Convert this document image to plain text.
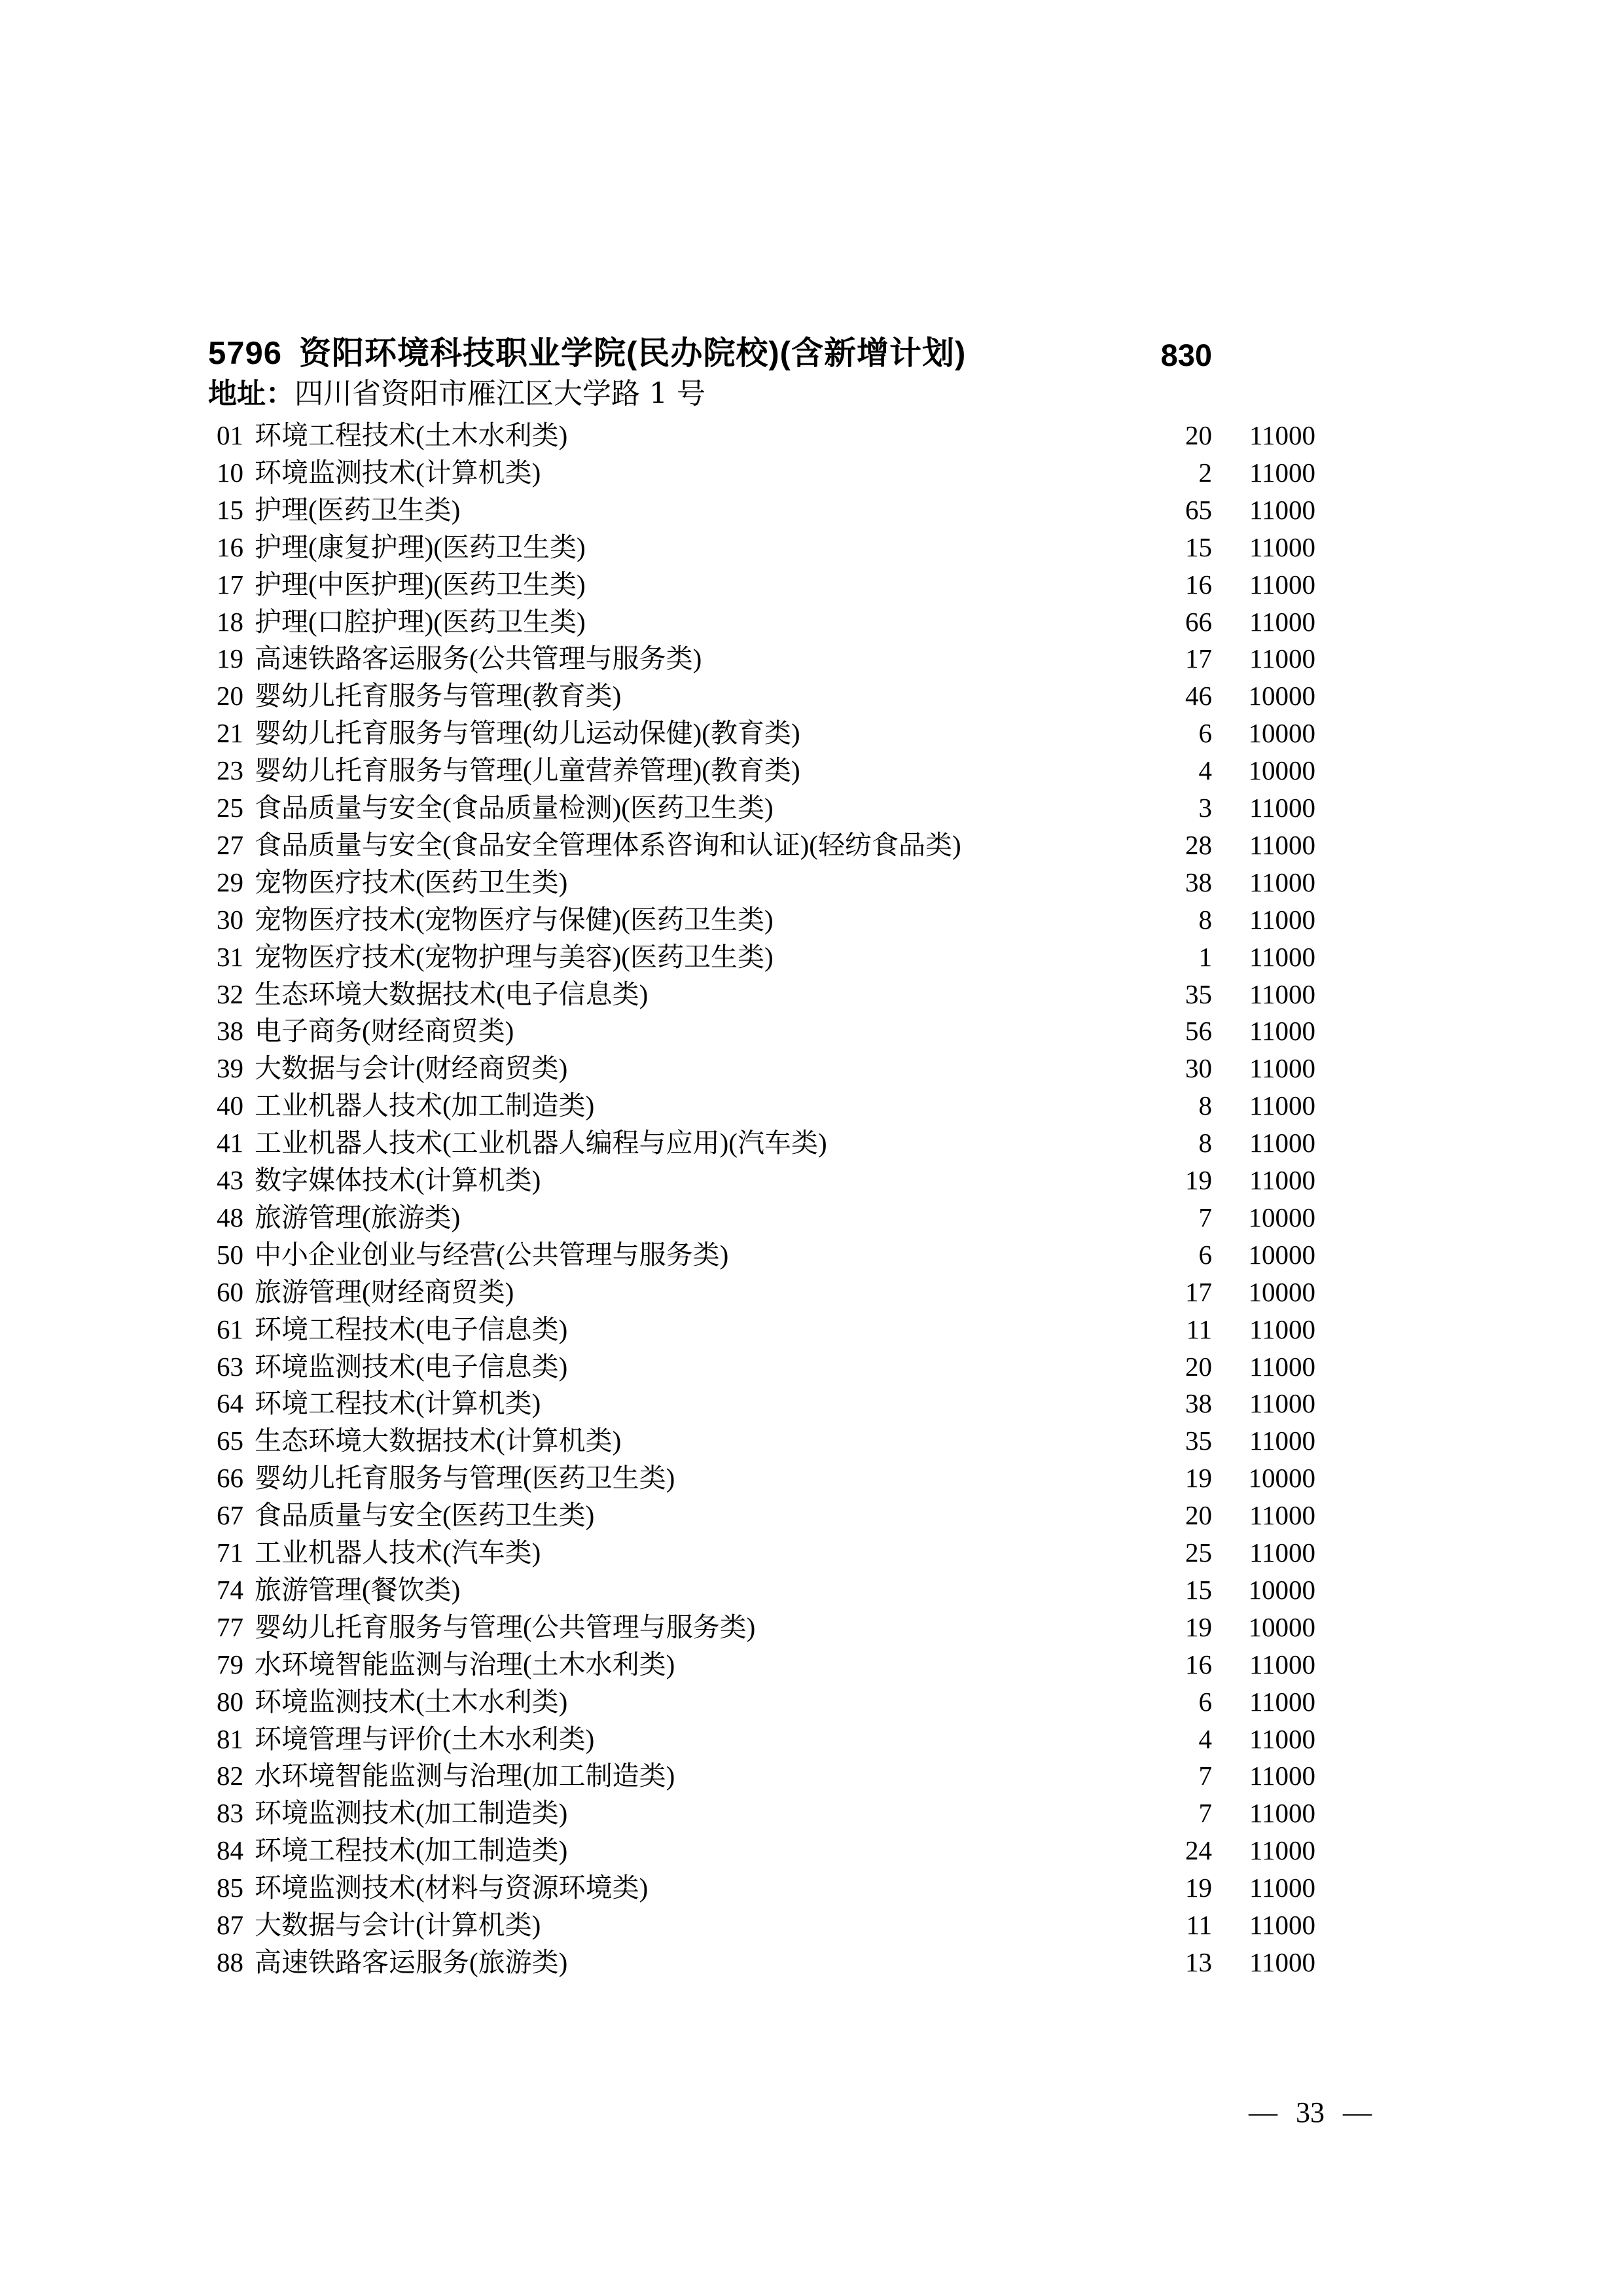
5796 资阳环境科技职业学院(民办院校)(含新增计划)	830
地址：四川省资阳市雁江区大学路 1 号
01 环境工程技术(土木水利类)	20 11000
10 环境监测技术(计算机类)	2 11000
15 护理(医药卫生类)	65 11000
16 护理(康复护理)(医药卫生类)	15 11000
17 护理(中医护理)(医药卫生类)	16 11000
18 护理(口腔护理)(医药卫生类)	66 11000
19 高速铁路客运服务(公共管理与服务类)	17 11000
20 婴幼儿托育服务与管理(教育类)	46 10000
21 婴幼儿托育服务与管理(幼儿运动保健)(教育类)	6 10000
23 婴幼儿托育服务与管理(儿童营养管理)(教育类)	4 10000
25 食品质量与安全(食品质量检测)(医药卫生类)	3 11000
27 食品质量与安全(食品安全管理体系咨询和认证)(轻纺食品类)	28 11000
29 宠物医疗技术(医药卫生类)	38 11000
30 宠物医疗技术(宠物医疗与保健)(医药卫生类)	8 11000
31 宠物医疗技术(宠物护理与美容)(医药卫生类)	1 11000
32 生态环境大数据技术(电子信息类)	35 11000
38 电子商务(财经商贸类)	56 11000
39 大数据与会计(财经商贸类)	30 11000
40 工业机器人技术(加工制造类)	8 11000
41 工业机器人技术(工业机器人编程与应用)(汽车类)	8 11000
43 数字媒体技术(计算机类)	19 11000
48 旅游管理(旅游类)	7 10000
50 中小企业创业与经营(公共管理与服务类)	6 10000
60 旅游管理(财经商贸类)	17 10000
61 环境工程技术(电子信息类)	11 11000
63 环境监测技术(电子信息类)	20 11000
64 环境工程技术(计算机类)	38 11000
65 生态环境大数据技术(计算机类)	35 11000
66 婴幼儿托育服务与管理(医药卫生类)	19 10000
67 食品质量与安全(医药卫生类)	20 11000
71 工业机器人技术(汽车类)	25 11000
74 旅游管理(餐饮类)	15 10000
77 婴幼儿托育服务与管理(公共管理与服务类)	19 10000
79 水环境智能监测与治理(土木水利类)	16 11000
80 环境监测技术(土木水利类)	6 11000
81 环境管理与评价(土木水利类)	4 11000
82 水环境智能监测与治理(加工制造类)	7 11000
83 环境监测技术(加工制造类)	7 11000
84 环境工程技术(加工制造类)	24 11000
85 环境监测技术(材料与资源环境类)	19 11000
87 大数据与会计(计算机类)	11 11000
88 高速铁路客运服务(旅游类)	13 11000
— 33 —
